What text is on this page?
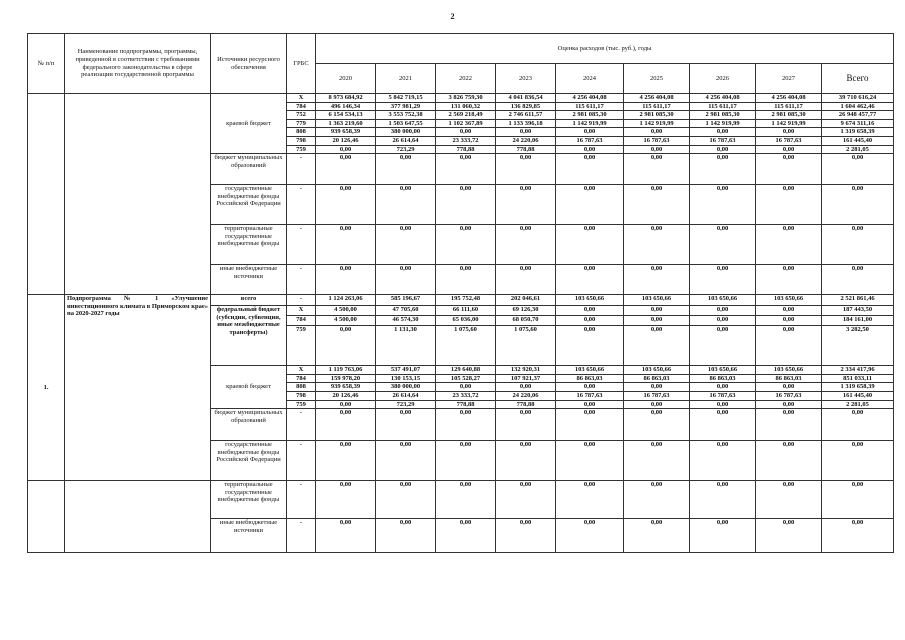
2
№ п/п	Наименование подпрограммы, программы, приведенной в соответствии с требованиями федерального законодательства в сфере реализации государственной программы	Источники ресурсного обеспечения	ГРБС	Оценка расходов (тыс. руб.), годы								
				2020	2021	2022	2023	2024	2025	2026	2027	Всего
		краевой бюджет	Х	8 973 684,92	5 842 719,15	3 826 759,30	4 041 836,54	4 256 404,08	4 256 404,08	4 256 404,08	4 256 404,08	39 710 616,24
			784	496 146,34	377 981,29	131 060,32	136 829,85	115 611,17	115 611,17	115 611,17	115 611,17	1 604 462,46
			752	6 154 534,13	3 553 752,38	2 569 218,49	2 746 611,57	2 981 085,30	2 981 085,30	2 981 085,30	2 981 085,30	26 948 457,77
			779	1 363 219,60	1 503 647,55	1 102 367,89	1 133 396,18	1 142 919,99	1 142 919,99	1 142 919,99	1 142 919,99	9 674 311,16
			808	939 658,39	380 000,00	0,00	0,00	0,00	0,00	0,00	0,00	1 319 658,39
			798	20 126,46	26 614,64	23 333,72	24 220,06	16 787,63	16 787,63	16 787,63	16 787,63	161 445,40
			759	0,00	723,29	778,88	778,88	0,00	0,00	0,00	0,00	2 281,05
		бюджет муниципальных образований	-	0,00	0,00	0,00	0,00	0,00	0,00	0,00	0,00	0,00
		государственные внебюджетные фонды Российской Федерации	-	0,00	0,00	0,00	0,00	0,00	0,00	0,00	0,00	0,00
		территориальные государственные внебюджетные фонды	-	0,00	0,00	0,00	0,00	0,00	0,00	0,00	0,00	0,00
		иные внебюджетные источники	-	0,00	0,00	0,00	0,00	0,00	0,00	0,00	0,00	0,00
1.	Подпрограмма № 1 «Улучшение инвестиционного климата в Приморском крае» на 2020-2027 годы	всего	-	1 124 263,06	585 196,67	195 752,48	202 046,61	103 650,66	103 650,66	103 650,66	103 650,66	2 521 861,46
		федеральный бюджет (субсидии, субвенции, иные межбюджетные трансферты)	Х	4 500,00	47 705,60	66 111,60	69 126,30	0,00	0,00	0,00	0,00	187 443,50
			784	4 500,00	46 574,30	65 036,00	68 050,70	0,00	0,00	0,00	0,00	184 161,00
			759	0,00	1 131,30	1 075,60	1 075,60	0,00	0,00	0,00	0,00	3 282,50
		краевой бюджет	Х	1 119 763,06	537 491,07	129 640,88	132 920,31	103 650,66	103 650,66	103 650,66	103 650,66	2 334 417,96
			784	159 978,20	130 153,15	105 528,27	107 921,37	86 863,03	86 863,03	86 863,03	86 863,03	851 033,11
			808	939 658,39	380 000,00	0,00	0,00	0,00	0,00	0,00	0,00	1 319 658,39
			798	20 126,46	26 614,64	23 333,72	24 220,06	16 787,63	16 787,63	16 787,63	16 787,63	161 445,40
			759	0,00	723,29	778,88	778,88	0,00	0,00	0,00	0,00	2 281,05
		бюджет муниципальных образований	-	0,00	0,00	0,00	0,00	0,00	0,00	0,00	0,00	0,00
		государственные внебюджетные фонды Российской Федерации	-	0,00	0,00	0,00	0,00	0,00	0,00	0,00	0,00	0,00
		территориальные государственные внебюджетные фонды	-	0,00	0,00	0,00	0,00	0,00	0,00	0,00	0,00	0,00
		иные внебюджетные источники	-	0,00	0,00	0,00	0,00	0,00	0,00	0,00	0,00	0,00
